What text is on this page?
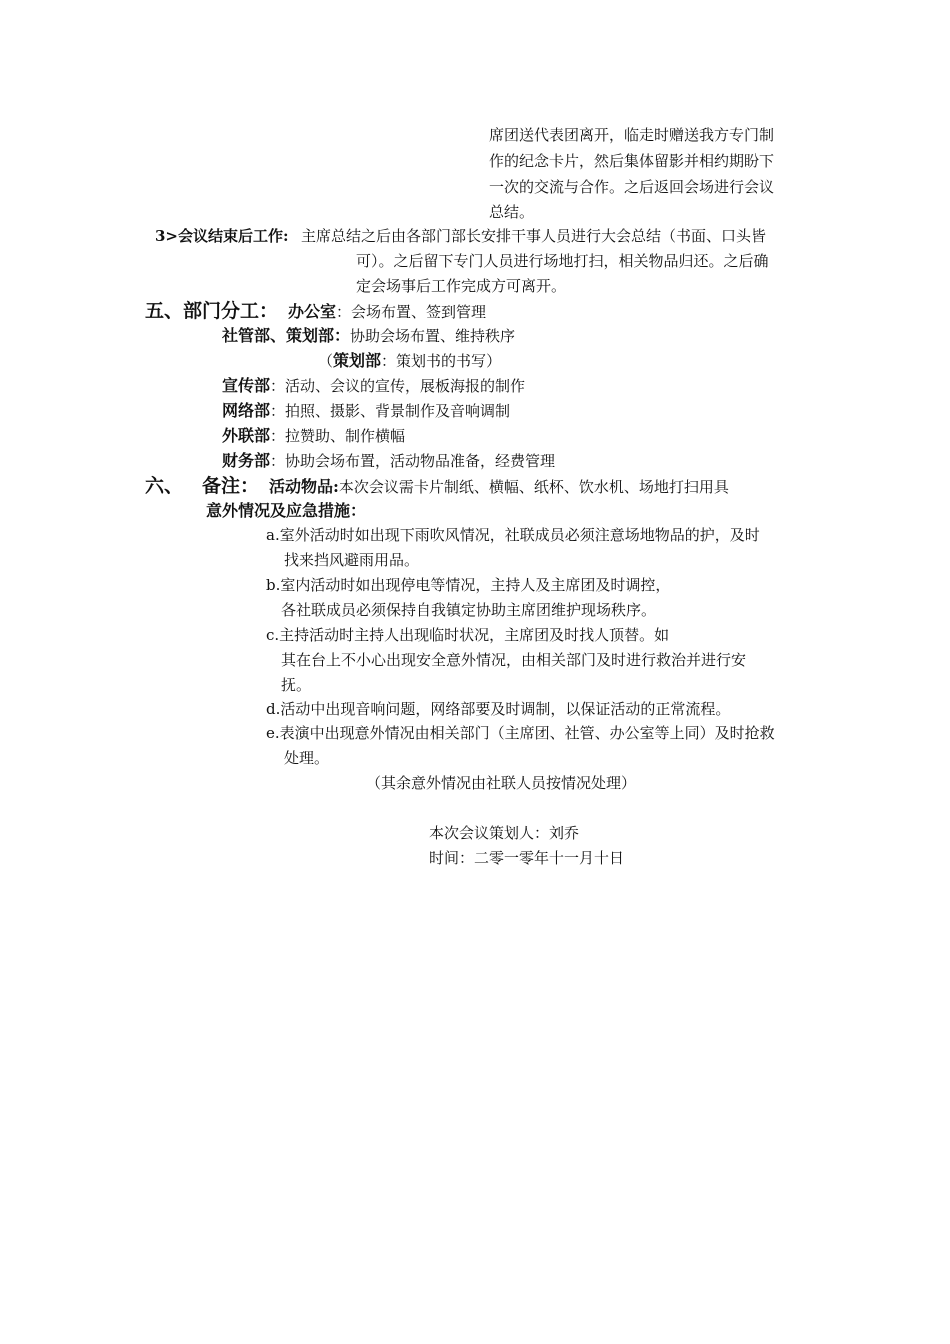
席团送代表团离开，临走时赠送我方专门制
作的纪念卡片，然后集体留影并相约期盼下
一次的交流与合作。之后返回会场进行会议
总结。
3>会议结束后工作: 主席总结之后由各部门部长安排干事人员进行大会总结（书面、口头皆
可）。之后留下专门人员进行场地打扫，相关物品归还。之后确
定会场事后工作完成方可离开。
五、部门分工： 办公室：会场布置、签到管理
社管部、策划部：协助会场布置、维持秩序
（策划部：策划书的书写）
宣传部：活动、会议的宣传，展板海报的制作
网络部：拍照、摄影、背景制作及音响调制
外联部：拉赞助、制作横幅
财务部：协助会场布置，活动物品准备，经费管理
六、 备注： 活动物品:本次会议需卡片制纸、横幅、纸杯、饮水机、场地打扫用具
意外情况及应急措施：
a.室外活动时如出现下雨吹风情况，社联成员必须注意场地物品的护，及时
找来挡风避雨用品。
b.室内活动时如出现停电等情况，主持人及主席团及时调控，
各社联成员必须保持自我镇定协助主席团维护现场秩序。
c.主持活动时主持人出现临时状况，主席团及时找人顶替。如
其在台上不小心出现安全意外情况，由相关部门及时进行救治并进行安
抚。
d.活动中出现音响问题，网络部要及时调制，以保证活动的正常流程。
e.表演中出现意外情况由相关部门（主席团、社管、办公室等上同）及时抢救
处理。
（其余意外情况由社联人员按情况处理）
本次会议策划人：刘乔
时间：二零一零年十一月十日
